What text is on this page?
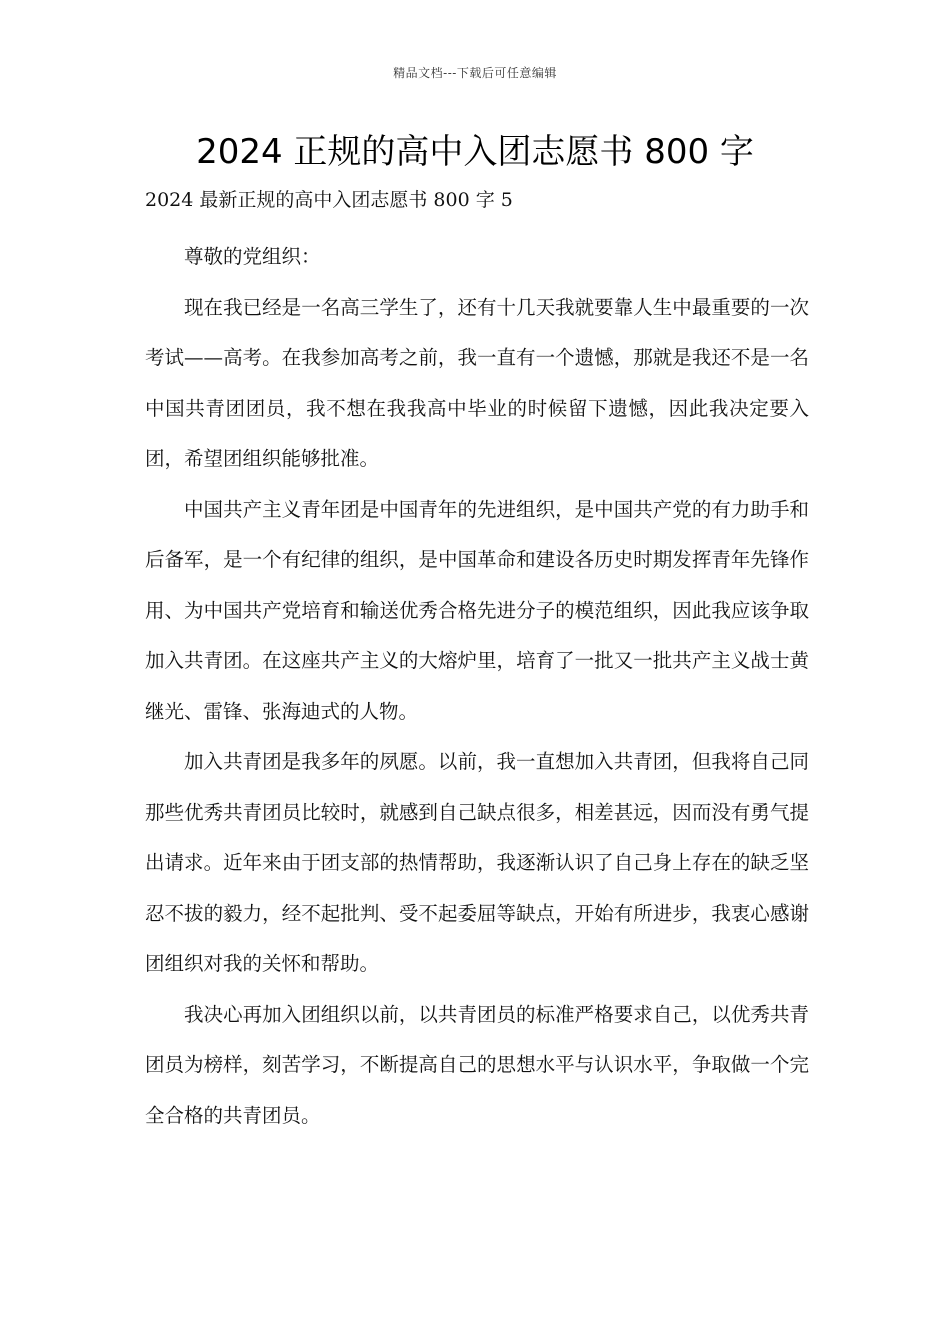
精品文档---下载后可任意编辑
2024 正规的高中入团志愿书 800 字
2024 最新正规的高中入团志愿书 800 字 5

尊敬的党组织：

现在我已经是一名高三学生了，还有十几天我就要靠人生中最重要的一次考试——高考。在我参加高考之前，我一直有一个遗憾，那就是我还不是一名中国共青团团员，我不想在我我高中毕业的时候留下遗憾，因此我决定要入团，希望团组织能够批准。

中国共产主义青年团是中国青年的先进组织，是中国共产党的有力助手和后备军，是一个有纪律的组织，是中国革命和建设各历史时期发挥青年先锋作用、为中国共产党培育和输送优秀合格先进分子的模范组织，因此我应该争取加入共青团。在这座共产主义的大熔炉里，培育了一批又一批共产主义战士黄继光、雷锋、张海迪式的人物。

加入共青团是我多年的夙愿。以前，我一直想加入共青团，但我将自己同那些优秀共青团员比较时，就感到自己缺点很多，相差甚远，因而没有勇气提出请求。近年来由于团支部的热情帮助，我逐渐认识了自己身上存在的缺乏坚忍不拔的毅力，经不起批判、受不起委屈等缺点，开始有所进步，我衷心感谢团组织对我的关怀和帮助。

我决心再加入团组织以前，以共青团员的标准严格要求自己，以优秀共青团员为榜样，刻苦学习，不断提高自己的思想水平与认识水平，争取做一个完全合格的共青团员。
